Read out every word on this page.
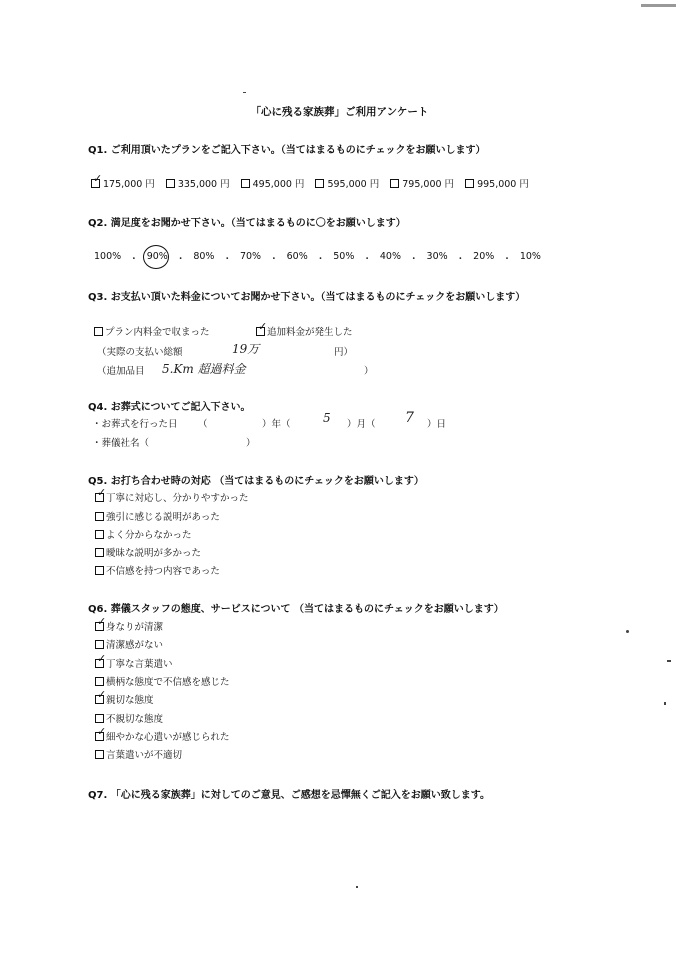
「心に残る家族葬」ご利用アンケート
Q1. ご利用頂いたプランをご記入下さい。（当てはまるものにチェックをお願いします）
✓ 175,000 円 335,000 円 495,000 円 595,000 円 795,000 円 995,000 円
Q2. 満足度をお聞かせ下さい。（当てはまるものに〇をお願いします）
100% ・ 90% ・ 80% ・ 70% ・ 60% ・ 50% ・ 40% ・ 30% ・ 20% ・ 10%
Q3. お支払い頂いた料金についてお聞かせ下さい。（当てはまるものにチェックをお願いします）
プラン内料金で収まった	✓ 追加料金が発生した
（実際の支払い総額	19万	円）
（追加品目 5.Km 超過料金	）
Q4. お葬式についてご記入下さい。
・お葬式を行った日 （	）年（	5 ）月（ 7 ）日
・葬儀社名（	）
Q5. お打ち合わせ時の対応 （当てはまるものにチェックをお願いします）
✓ 丁寧に対応し、分かりやすかった
強引に感じる説明があった
よく分からなかった
曖昧な説明が多かった
不信感を持つ内容であった
Q6. 葬儀スタッフの態度、サービスについて （当てはまるものにチェックをお願いします）
✓ 身なりが清潔
清潔感がない
✓ 丁寧な言葉遣い
横柄な態度で不信感を感じた
✓ 親切な態度
不親切な態度
✓ 細やかな心遣いが感じられた
言葉遣いが不適切
Q7. 「心に残る家族葬」に対してのご意見、ご感想を忌憚無くご記入をお願い致します。
